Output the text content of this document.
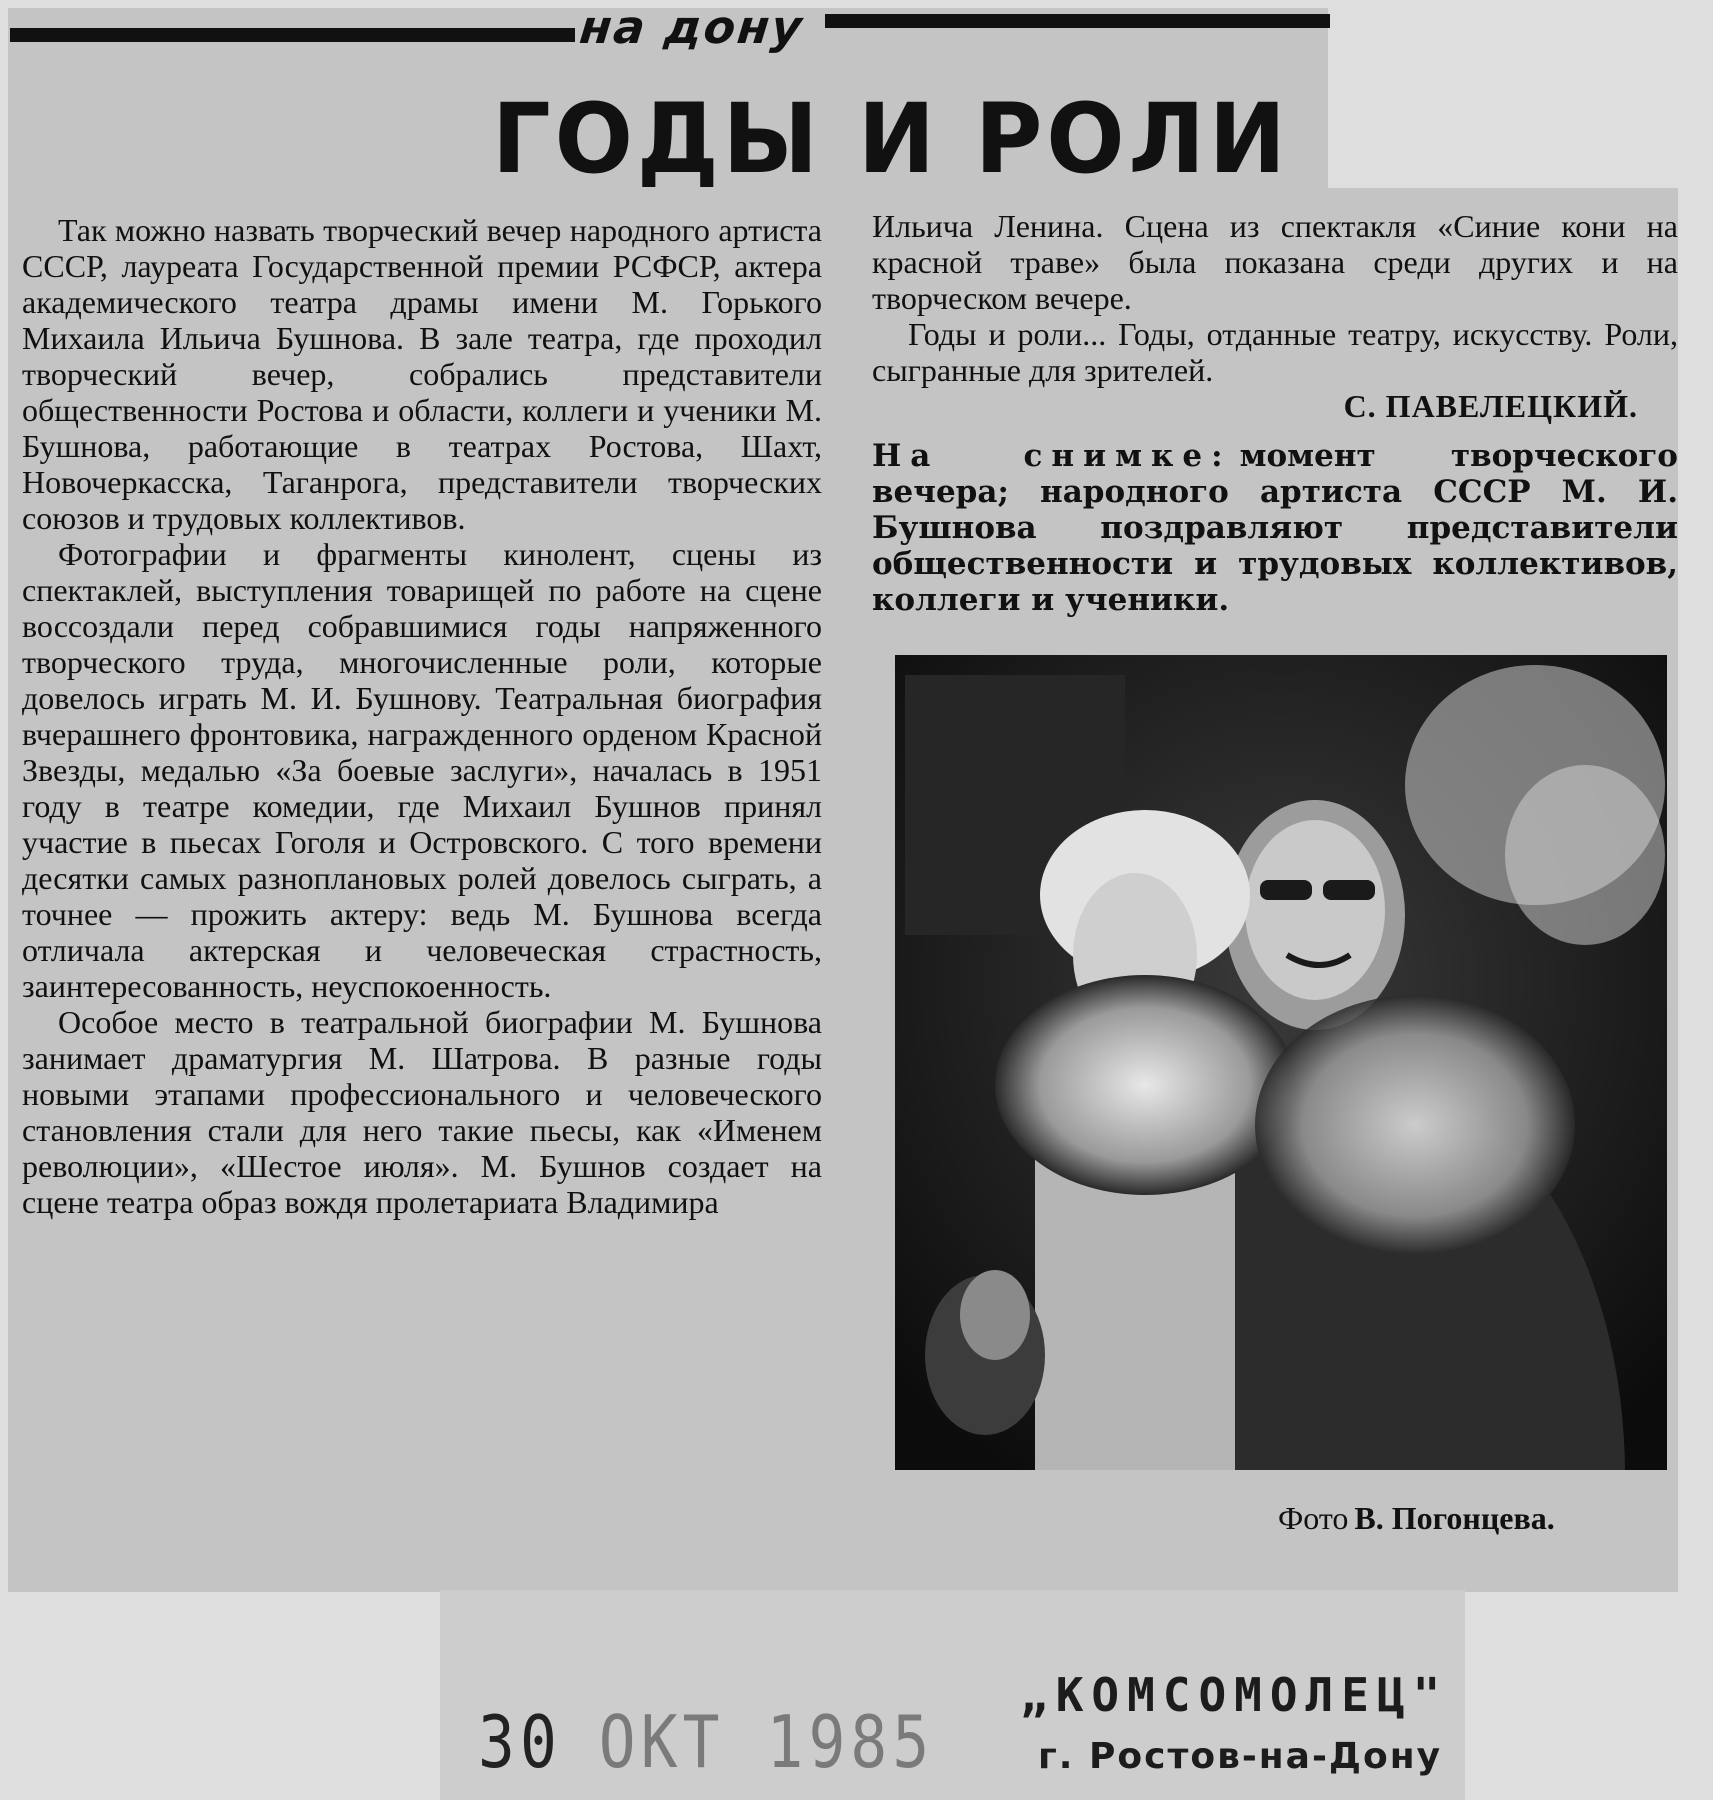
на дону
ГОДЫ И РОЛИ

Так можно назвать творческий вечер народного артиста СССР, лауреата Государственной премии РСФСР, актера академического театра драмы имени М. Горького Михаила Ильича Бушнова. В зале театра, где проходил творческий вечер, собрались представители общественности Ростова и области, коллеги и ученики М. Бушнова, работающие в театрах Ростова, Шахт, Новочеркасска, Таганрога, представители творческих союзов и трудовых коллективов.

Фотографии и фрагменты кинолент, сцены из спектаклей, выступления товарищей по работе на сцене воссоздали перед собравшимися годы напряженного творческого труда, многочисленные роли, которые довелось играть М. И. Бушнову. Театральная биография вчерашнего фронтовика, награжденного орденом Красной Звезды, медалью «За боевые заслуги», началась в 1951 году в театре комедии, где Михаил Бушнов принял участие в пьесах Гоголя и Островского. С того времени десятки самых разноплановых ролей довелось сыграть, а точнее — прожить актеру: ведь М. Бушнова всегда отличала актерская и человеческая страстность, заинтересованность, неуспокоенность.

Особое место в театральной биографии М. Бушнова занимает драматургия М. Шатрова. В разные годы новыми этапами профессионального и человеческого становления стали для него такие пьесы, как «Именем революции», «Шестое июля». М. Бушнов создает на сцене театра образ вождя пролетариата Владимира

Ильича Ленина. Сцена из спектакля «Синие кони на красной траве» была показана среди других и на творческом вечере.

Годы и роли... Годы, отданные театру, искусству. Роли, сыгранные для зрителей.

С. ПАВЕЛЕЦКИЙ.
На снимке: момент творческого вечера; народного артиста СССР М. И. Бушнова поздравляют представители общественности и трудовых коллективов, коллеги и ученики.
Фото В. Погонцева.
30 ОКТ 1985
„КОМСОМОЛЕЦ"
г. Ростов-на-Дону
